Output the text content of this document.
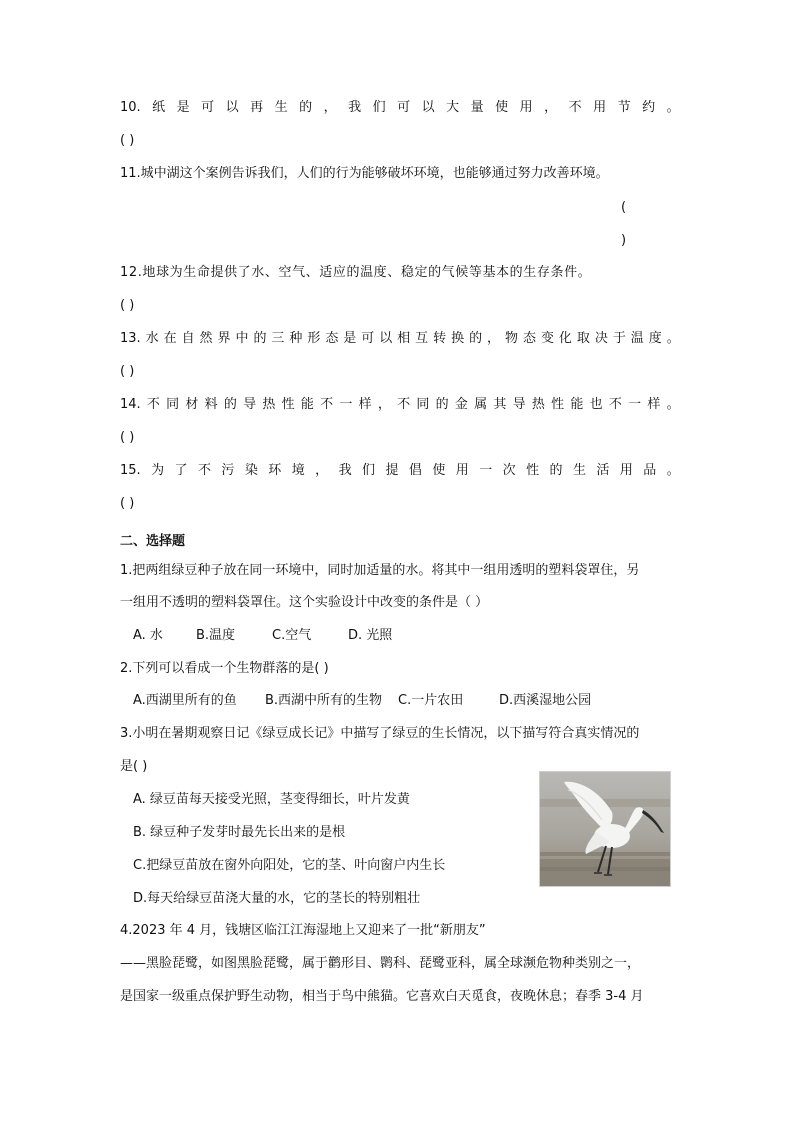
10. 纸 是 可 以 再 生 的 ， 我 们 可 以 大 量 使 用 ， 不 用 节 约 。
( )
11.城中湖这个案例告诉我们，人们的行为能够破坏环境，也能够通过努力改善环境。
(
)
12.地球为生命提供了水、空气、适应的温度、稳定的气候等基本的生存条件。
( )
13. 水 在 自 然 界 中 的 三 种 形 态 是 可 以 相 互 转 换 的 ， 物 态 变 化 取 决 于 温 度 。
( )
14. 不 同 材 料 的 导 热 性 能 不 一 样 ， 不 同 的 金 属 其 导 热 性 能 也 不 一 样 。
( )
15. 为 了 不 污 染 环 境 ， 我 们 提 倡 使 用 一 次 性 的 生 活 用 品 。
( )
二、选择题
1.把两组绿豆种子放在同一环境中，同时加适量的水。将其中一组用透明的塑料袋罩住，另
一组用不透明的塑料袋罩住。这个实验设计中改变的条件是（ ）
A. 水	B.温度	C.空气	D. 光照
2.下列可以看成一个生物群落的是( )
A.西湖里所有的鱼 B.西湖中所有的生物 C.一片农田	D.西溪湿地公园
3.小明在暑期观察日记《绿豆成长记》中描写了绿豆的生长情况，以下描写符合真实情况的
是( )
A. 绿豆苗每天接受光照，茎变得细长，叶片发黄
B. 绿豆种子发芽时最先长出来的是根
C.把绿豆苗放在窗外向阳处，它的茎、叶向窗户内生长
D.每天给绿豆苗浇大量的水，它的茎长的特别粗壮
4.2023 年 4 月，钱塘区临江江海湿地上又迎来了一批“新朋友”
——黑脸琵鹭，如图黑脸琵鹭，属于鹳形目、鹮科、琵鹭亚科，属全球濒危物种类别之一，
是国家一级重点保护野生动物，相当于鸟中熊猫。它喜欢白天觅食，夜晚休息；春季 3-4 月
